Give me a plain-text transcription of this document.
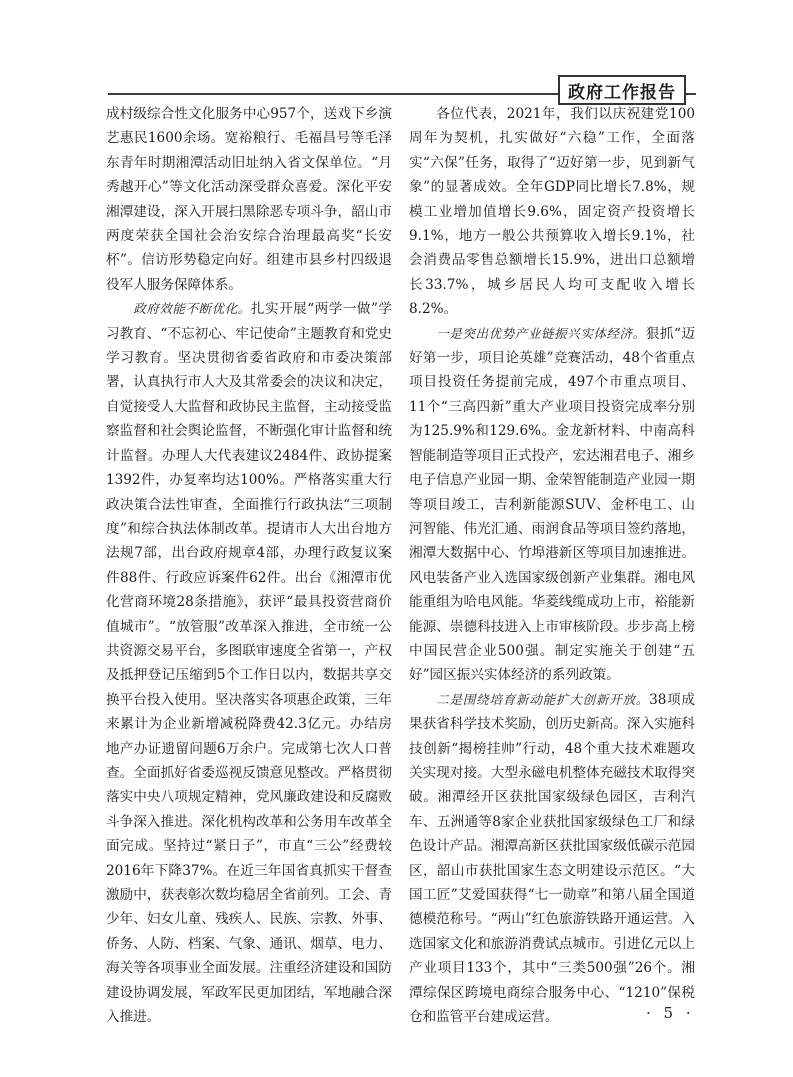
政府工作报告

成村级综合性文化服务中心957个，送戏下乡演艺惠民1600余场。宽裕粮行、毛福昌号等毛泽东青年时期湘潭活动旧址纳入省文保单位。“月秀越开心”等文化活动深受群众喜爱。深化平安湘潭建设，深入开展扫黑除恶专项斗争，韶山市两度荣获全国社会治安综合治理最高奖“长安杯”。信访形势稳定向好。组建市县乡村四级退役军人服务保障体系。

政府效能不断优化。扎实开展“两学一做”学习教育、“不忘初心、牢记使命”主题教育和党史学习教育。坚决贯彻省委省政府和市委决策部署，认真执行市人大及其常委会的决议和决定，自觉接受人大监督和政协民主监督，主动接受监察监督和社会舆论监督，不断强化审计监督和统计监督。办理人大代表建议2484件、政协提案1392件，办复率均达100%。严格落实重大行政决策合法性审查，全面推行行政执法“三项制度”和综合执法体制改革。提请市人大出台地方法规7部，出台政府规章4部，办理行政复议案件88件、行政应诉案件62件。出台《湘潭市优化营商环境28条措施》，获评“最具投资营商价值城市”。“放管服”改革深入推进，全市统一公共资源交易平台，多图联审速度全省第一，产权及抵押登记压缩到5个工作日以内，数据共享交换平台投入使用。坚决落实各项惠企政策，三年来累计为企业新增减税降费42.3亿元。办结房地产办证遗留问题6万余户。完成第七次人口普查。全面抓好省委巡视反馈意见整改。严格贯彻落实中央八项规定精神，党风廉政建设和反腐败斗争深入推进。深化机构改革和公务用车改革全面完成。坚持过“紧日子”，市直“三公”经费较2016年下降37%。在近三年国省真抓实干督查激励中，获表彰次数均稳居全省前列。工会、青少年、妇女儿童、残疾人、民族、宗教、外事、侨务、人防、档案、气象、通讯、烟草、电力、海关等各项事业全面发展。注重经济建设和国防建设协调发展，军政军民更加团结，军地融合深入推进。

各位代表，2021年，我们以庆祝建党100周年为契机，扎实做好“六稳”工作，全面落实“六保”任务，取得了“迈好第一步，见到新气象”的显著成效。全年GDP同比增长7.8%，规模工业增加值增长9.6%，固定资产投资增长9.1%，地方一般公共预算收入增长9.1%，社会消费品零售总额增长15.9%，进出口总额增长33.7%，城乡居民人均可支配收入增长8.2%。

一是突出优势产业链振兴实体经济。狠抓“迈好第一步，项目论英雄”竞赛活动，48个省重点项目投资任务提前完成，497个市重点项目、11个“三高四新”重大产业项目投资完成率分别为125.9%和129.6%。金龙新材料、中南高科智能制造等项目正式投产，宏达湘君电子、湘乡电子信息产业园一期、金荣智能制造产业园一期等项目竣工，吉利新能源SUV、金杯电工、山河智能、伟光汇通、雨润食品等项目签约落地，湘潭大数据中心、竹埠港新区等项目加速推进。风电装备产业入选国家级创新产业集群。湘电风能重组为哈电风能。华菱线缆成功上市，裕能新能源、崇德科技进入上市审核阶段。步步高上榜中国民营企业500强。制定实施关于创建“五好”园区振兴实体经济的系列政策。

二是围绕培育新动能扩大创新开放。38项成果获省科学技术奖励，创历史新高。深入实施科技创新“揭榜挂帅”行动，48个重大技术难题攻关实现对接。大型永磁电机整体充磁技术取得突破。湘潭经开区获批国家级绿色园区，吉利汽车、五洲通等8家企业获批国家级绿色工厂和绿色设计产品。湘潭高新区获批国家级低碳示范园区，韶山市获批国家生态文明建设示范区。“大国工匠”艾爱国获得“七一勋章”和第八届全国道德模范称号。“两山”红色旅游铁路开通运营。入选国家文化和旅游消费试点城市。引进亿元以上产业项目133个，其中“三类500强”26个。湘潭综保区跨境电商综合服务中心、“1210”保税仓和监管平台建成运营。	· 5 ·
